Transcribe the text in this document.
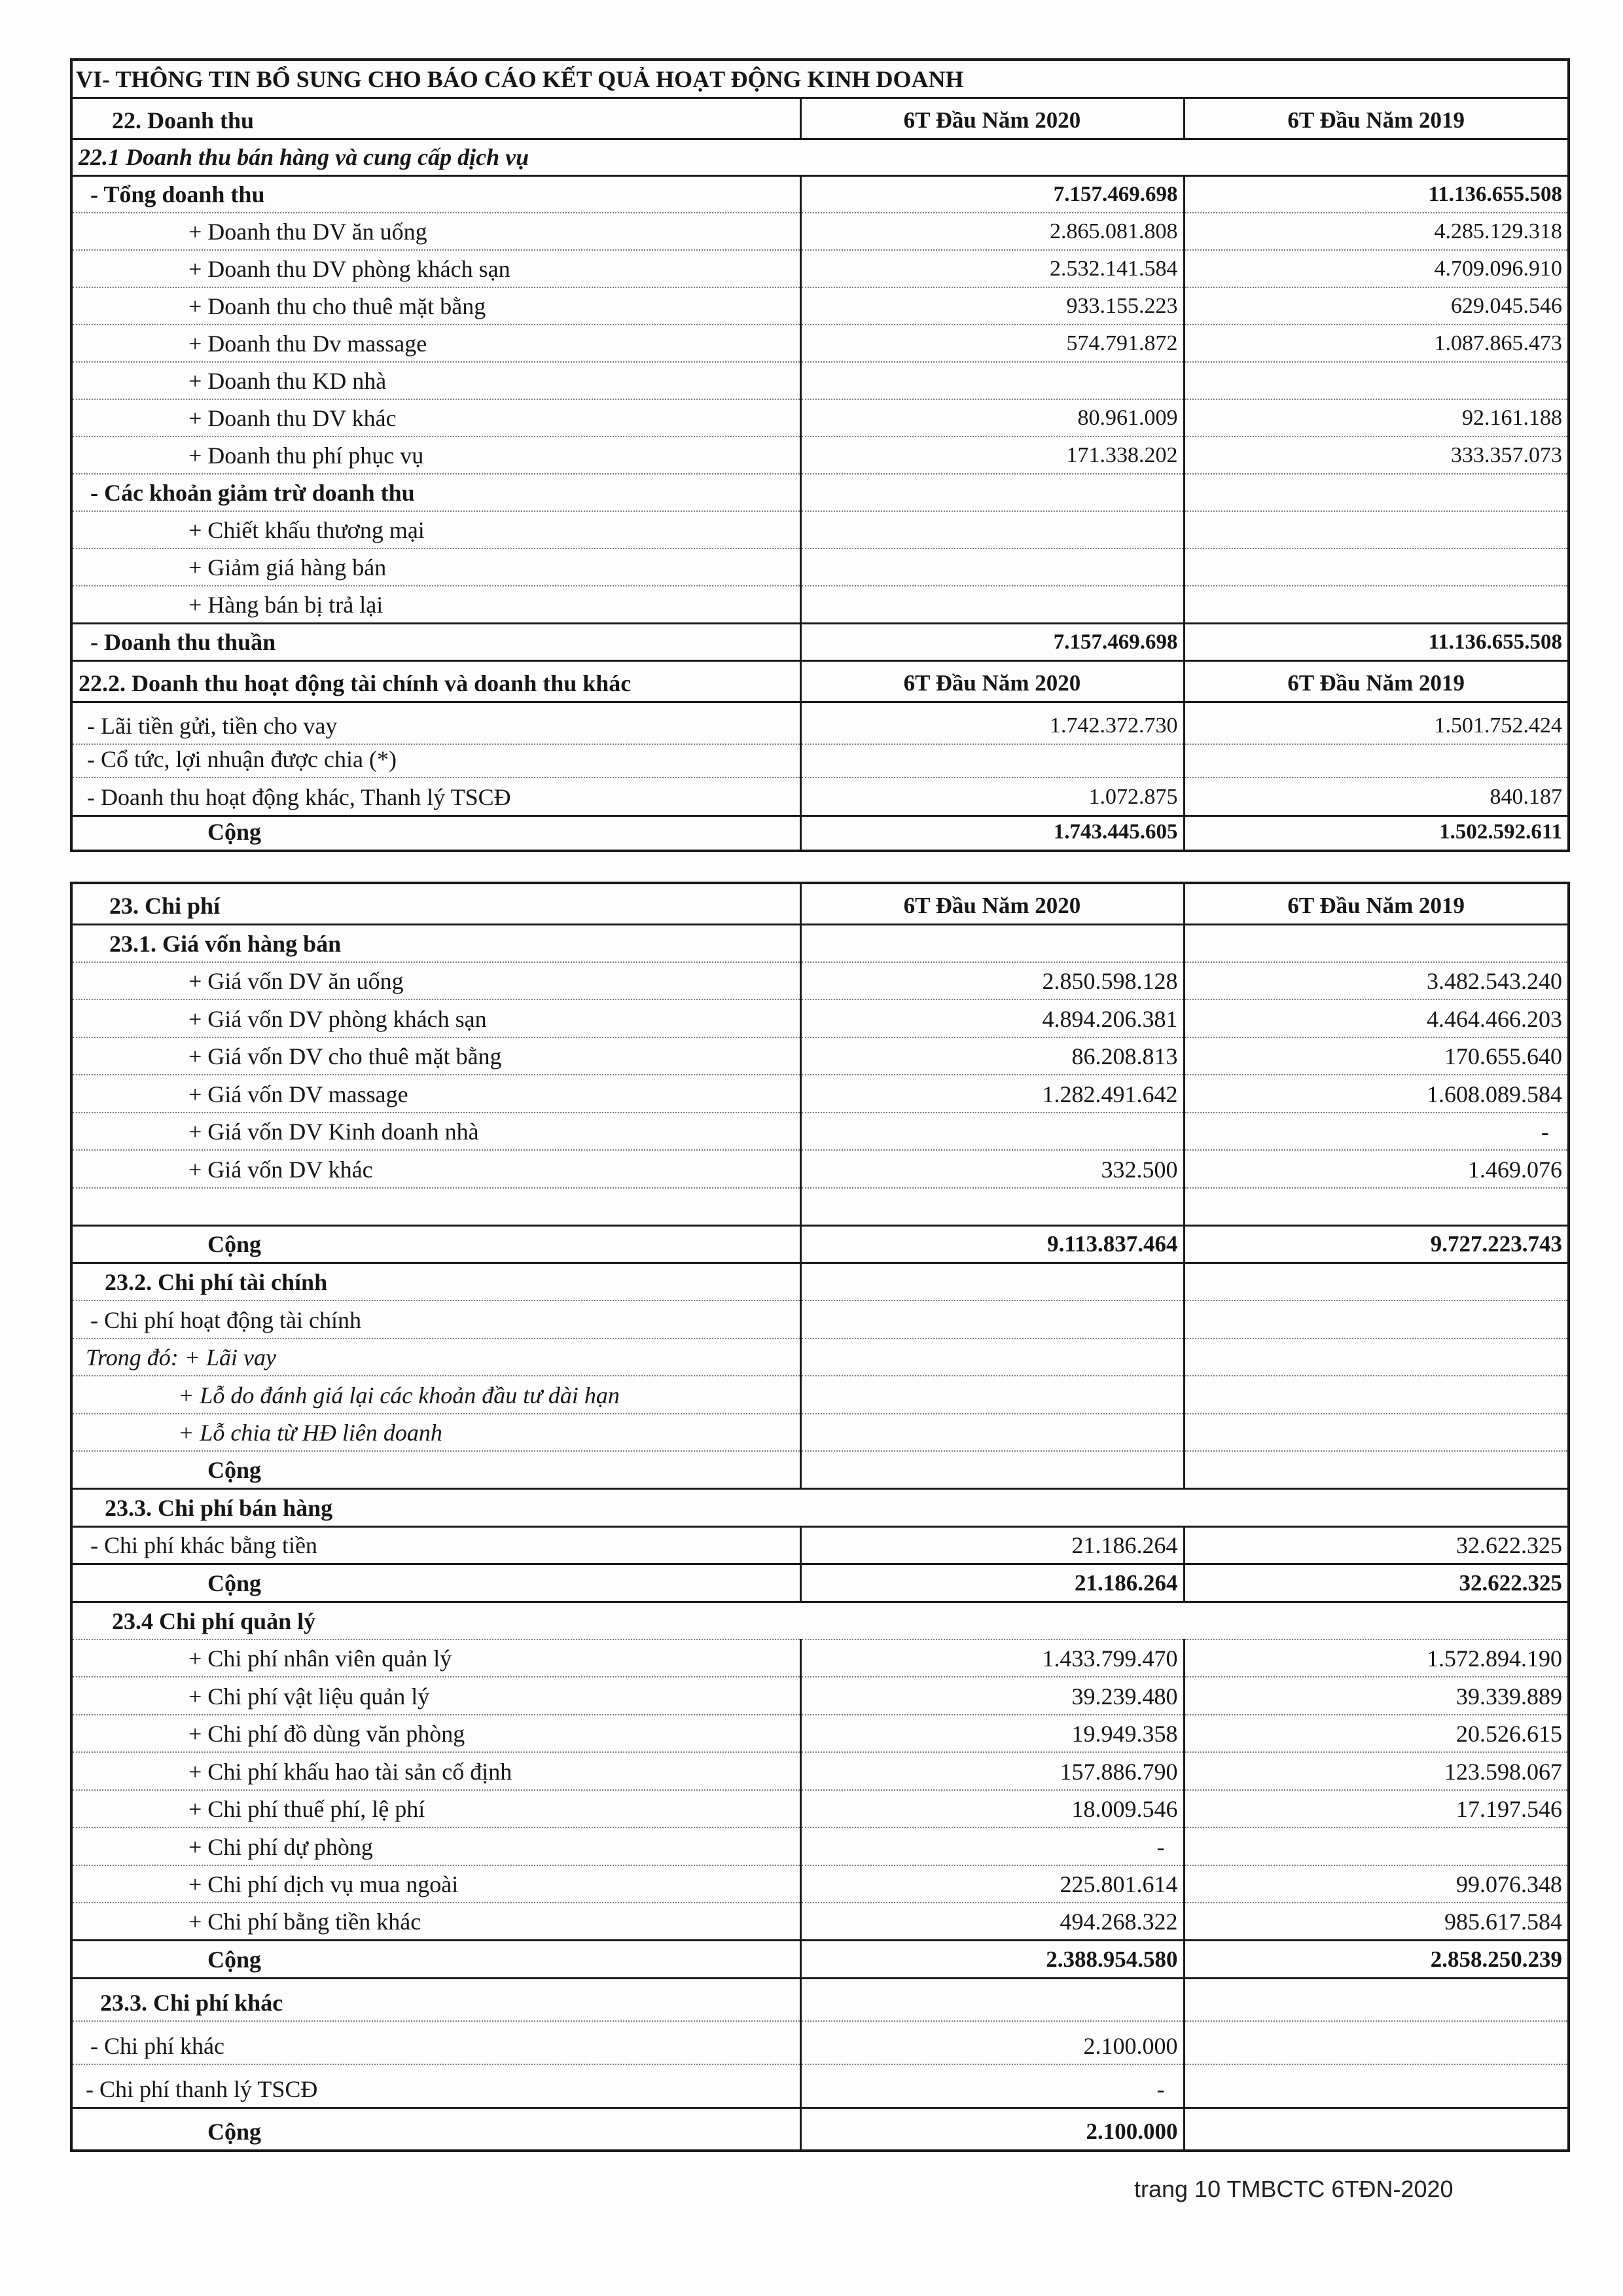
VI- THÔNG TIN BỔ SUNG CHO BÁO CÁO KẾT QUẢ HOẠT ĐỘNG KINH DOANH		
22. Doanh thu	6T Đầu Năm 2020	6T Đầu Năm 2019
22.1 Doanh thu bán hàng và cung cấp dịch vụ		
- Tổng doanh thu	7.157.469.698	11.136.655.508
+ Doanh thu DV ăn uống	2.865.081.808	4.285.129.318
+ Doanh thu DV phòng khách sạn	2.532.141.584	4.709.096.910
+ Doanh thu cho thuê mặt bằng	933.155.223	629.045.546
+ Doanh thu Dv massage	574.791.872	1.087.865.473
+ Doanh thu KD nhà		
+ Doanh thu DV khác	80.961.009	92.161.188
+ Doanh thu phí phục vụ	171.338.202	333.357.073
- Các khoản giảm trừ doanh thu		
+ Chiết khấu thương mại		
+ Giảm giá hàng bán		
+ Hàng bán bị trả lại		
- Doanh thu thuần	7.157.469.698	11.136.655.508
22.2. Doanh thu hoạt động tài chính và doanh thu khác	6T Đầu Năm 2020	6T Đầu Năm 2019
- Lãi tiền gửi, tiền cho vay	1.742.372.730	1.501.752.424
- Cổ tức, lợi nhuận được chia (*)		
- Doanh thu hoạt động khác, Thanh lý TSCĐ	1.072.875	840.187
Cộng	1.743.445.605	1.502.592.611
23. Chi phí	6T Đầu Năm 2020	6T Đầu Năm 2019
23.1. Giá vốn hàng bán		
+ Giá vốn DV ăn uống	2.850.598.128	3.482.543.240
+ Giá vốn DV phòng khách sạn	4.894.206.381	4.464.466.203
+ Giá vốn DV cho thuê mặt bằng	86.208.813	170.655.640
+ Giá vốn DV massage	1.282.491.642	1.608.089.584
+ Giá vốn DV Kinh doanh nhà		-
+ Giá vốn DV khác	332.500	1.469.076

Cộng	9.113.837.464	9.727.223.743
23.2. Chi phí tài chính		
- Chi phí hoạt động tài chính		
Trong đó: + Lãi vay		
+ Lỗ do đánh giá lại các khoản đầu tư dài hạn		
+ Lỗ chia từ HĐ liên doanh		
Cộng		
23.3. Chi phí bán hàng		
- Chi phí khác bằng tiền	21.186.264	32.622.325
Cộng	21.186.264	32.622.325
23.4 Chi phí quản lý		
+ Chi phí nhân viên quản lý	1.433.799.470	1.572.894.190
+ Chi phí vật liệu quản lý	39.239.480	39.339.889
+ Chi phí đồ dùng văn phòng	19.949.358	20.526.615
+ Chi phí khấu hao tài sản cố định	157.886.790	123.598.067
+ Chi phí thuế phí, lệ phí	18.009.546	17.197.546
+ Chi phí dự phòng	-	
+ Chi phí dịch vụ mua ngoài	225.801.614	99.076.348
+ Chi phí bằng tiền khác	494.268.322	985.617.584
Cộng	2.388.954.580	2.858.250.239
23.3. Chi phí khác		
- Chi phí khác	2.100.000	
- Chi phí thanh lý TSCĐ	-	
Cộng	2.100.000	
trang 10 TMBCTC 6TĐN-2020
